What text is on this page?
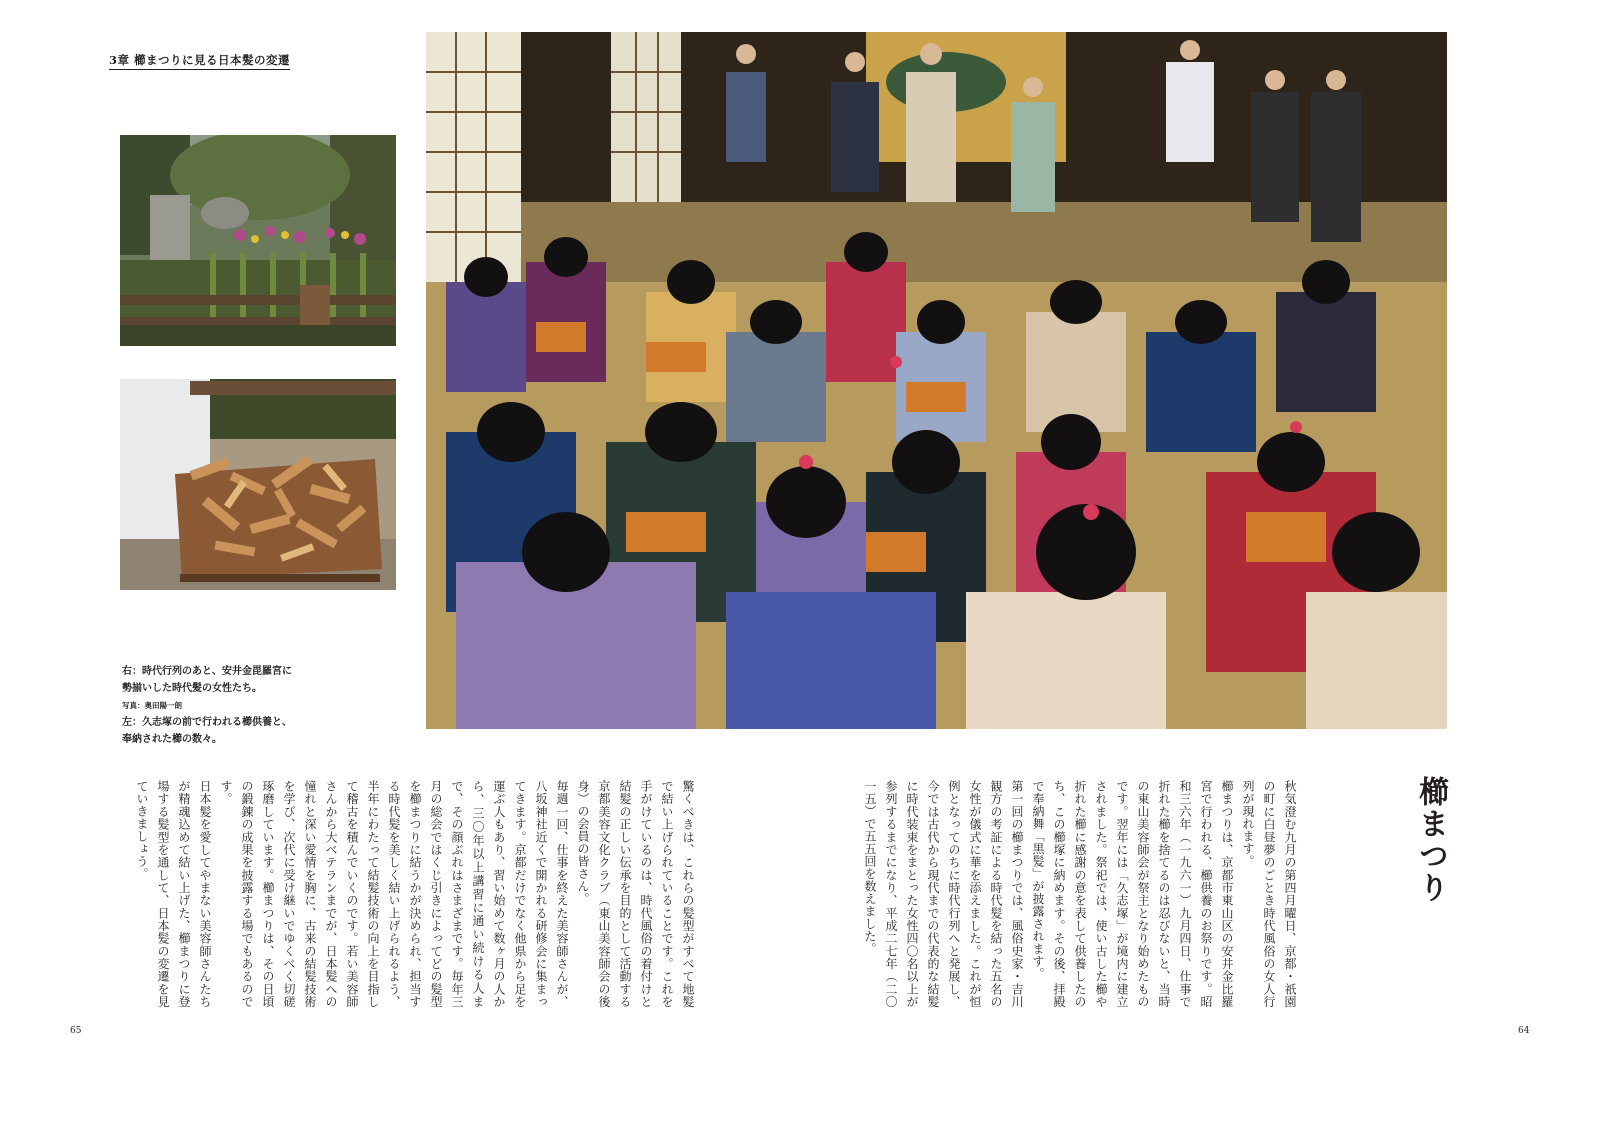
3章 櫛まつりに見る日本髪の変遷
右：時代行列のあと、安井金毘羅宮に
勢揃いした時代髪の女性たち。
写真：奥田陽一朗
左：久志塚の前で行われる櫛供養と、
奉納された櫛の数々。
櫛まつり
秋気澄む九月の第四月曜日、京都・祇園の町に白昼夢のごとき時代風俗の女人行列が現れます。
櫛まつりは、京都市東山区の安井金比羅宮で行われる、櫛供養のお祭りです。昭和三六年（一九六一）九月四日、仕事で折れた櫛を捨てるのは忍びないと、当時の東山美容師会が祭主となり始めたものです。翌年には「久志塚」が境内に建立されました。祭祀では、使い古した櫛や折れた櫛に感謝の意を表して供養したのち、この櫛塚に納めます。その後、拝殿で奉納舞「黒髪」が披露されます。
第一回の櫛まつりでは、風俗史家・吉川観方の考証による時代髪を結った五名の女性が儀式に華を添えました。これが恒例となってのちに時代行列へと発展し、今では古代から現代までの代表的な結髪に時代装束をまとった女性四〇名以上が参列するまでになり、平成二七年（二〇一五）で五五回を数えました。
驚くべきは、これらの髪型がすべて地髪で結い上げられていることです。これを手がけているのは、時代風俗の着付けと結髪の正しい伝承を目的として活動する京都美容文化クラブ（東山美容師会の後身）の会員の皆さん。
毎週一回、仕事を終えた美容師さんが、八坂神社近くで開かれる研修会に集まってきます。京都だけでなく他県から足を運ぶ人もあり、習い始めて数ヶ月の人から、三〇年以上講習に通い続ける人まで、その顔ぶれはさまざまです。毎年三月の総会ではくじ引きによってどの髪型を櫛まつりに結うかが決められ、担当する時代髪を美しく結い上げられるよう、半年にわたって結髪技術の向上を目指して稽古を積んでいくのです。若い美容師さんから大ベテランまでが、日本髪への憧れと深い愛情を胸に、古来の結髪技術を学び、次代に受け継いでゆくべく切磋琢磨しています。櫛まつりは、その日頃の鍛錬の成果を披露する場でもあるのです。
日本髪を愛してやまない美容師さんたちが精魂込めて結い上げた、櫛まつりに登場する髪型を通して、日本髪の変遷を見ていきましょう。
65	64
